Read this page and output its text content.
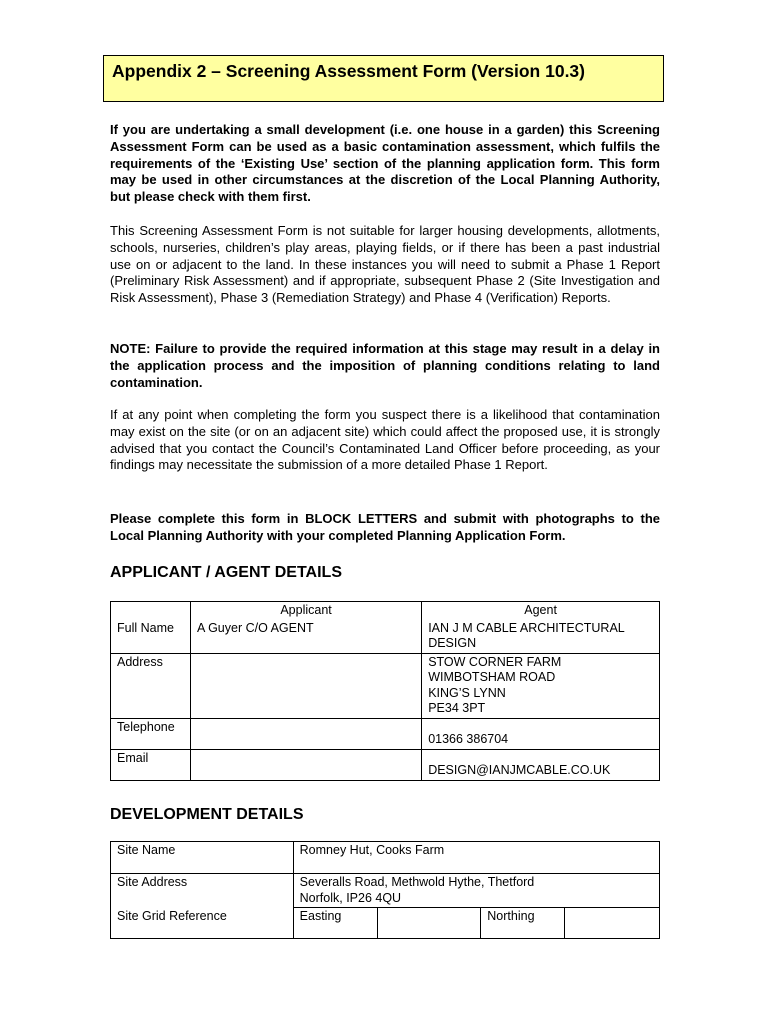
Appendix 2 – Screening Assessment Form (Version 10.3)

If you are undertaking a small development (i.e. one house in a garden) this Screening Assessment Form can be used as a basic contamination assessment, which fulfils the requirements of the ‘Existing Use’ section of the planning application form. This form may be used in other circumstances at the discretion of the Local Planning Authority, but please check with them first.

This Screening Assessment Form is not suitable for larger housing developments, allotments, schools, nurseries, children’s play areas, playing fields, or if there has been a past industrial use on or adjacent to the land. In these instances you will need to submit a Phase 1 Report (Preliminary Risk Assessment) and if appropriate, subsequent Phase 2 (Site Investigation and Risk Assessment), Phase 3 (Remediation Strategy) and Phase 4 (Verification) Reports.

NOTE: Failure to provide the required information at this stage may result in a delay in the application process and the imposition of planning conditions relating to land contamination.

If at any point when completing the form you suspect there is a likelihood that contamination may exist on the site (or on an adjacent site) which could affect the proposed use, it is strongly advised that you contact the Council’s Contaminated Land Officer before proceeding, as your findings may necessitate the submission of a more detailed Phase 1 Report.

Please complete this form in BLOCK LETTERS and submit with photographs to the Local Planning Authority with your completed Planning Application Form.

APPLICANT / AGENT DETAILS
	Applicant	Agent
Full Name	A Guyer C/O AGENT	IAN J M CABLE ARCHITECTURAL
DESIGN

Address		STOW CORNER FARM
WIMBOTSHAM ROAD
KING’S LYNN
PE34 3PT

Telephone		01366 386704
Email		DESIGN@IANJMCABLE.CO.UK
DEVELOPMENT DETAILS
Site Name	Romney Hut, Cooks Farm			
Site Address	Severalls Road, Methwold Hythe, Thetford
Norfolk, IP26 4QU			

Site Grid Reference	Easting		Northing	
